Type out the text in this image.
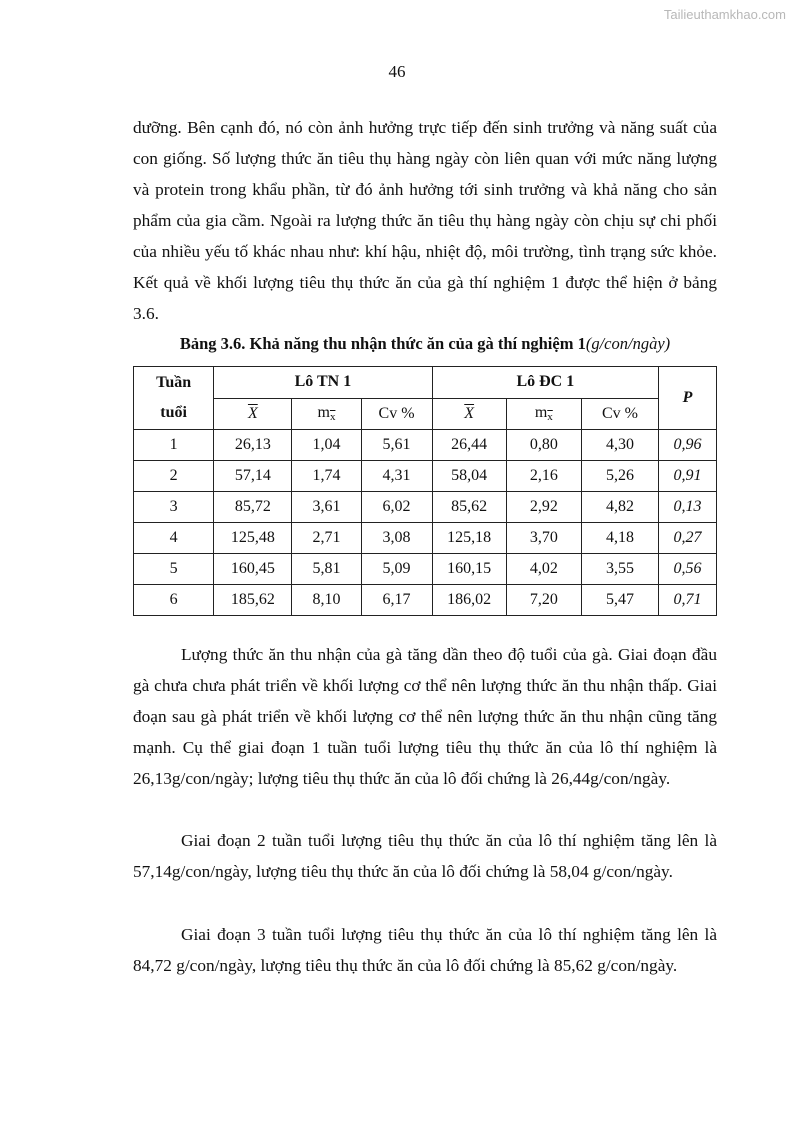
Tailieuthamkhao.com
46

dưỡng. Bên cạnh đó, nó còn ảnh hưởng trực tiếp đến sinh trưởng và năng suất của con giống. Số lượng thức ăn tiêu thụ hàng ngày còn liên quan với mức năng lượng và protein trong khẩu phần, từ đó ảnh hưởng tới sinh trưởng và khả năng cho sản phẩm của gia cầm. Ngoài ra lượng thức ăn tiêu thụ hàng ngày còn chịu sự chi phối của nhiều yếu tố khác nhau như: khí hậu, nhiệt độ, môi trường, tình trạng sức khỏe. Kết quả về khối lượng tiêu thụ thức ăn của gà thí nghiệm 1 được thể hiện ở bảng 3.6.

Bảng 3.6. Khả năng thu nhận thức ăn của gà thí nghiệm 1(g/con/ngày)
Tuần
tuổi	Lô TN 1			Lô ĐC 1			P
	$\overline{X}$	$m\overline{x}$	Cv %	$\overline{X}$	$m\overline{x}$	Cv %	
1	26,13	1,04	5,61	26,44	0,80	4,30	0,96
2	57,14	1,74	4,31	58,04	2,16	5,26	0,91
3	85,72	3,61	6,02	85,62	2,92	4,82	0,13
4	125,48	2,71	3,08	125,18	3,70	4,18	0,27
5	160,45	5,81	5,09	160,15	4,02	3,55	0,56
6	185,62	8,10	6,17	186,02	7,20	5,47	0,71

Lượng thức ăn thu nhận của gà tăng dần theo độ tuổi của gà. Giai đoạn đầu gà chưa chưa phát triển về khối lượng cơ thể nên lượng thức ăn thu nhận thấp. Giai đoạn sau gà phát triển về khối lượng cơ thể nên lượng thức ăn thu nhận cũng tăng mạnh. Cụ thể giai đoạn 1 tuần tuổi lượng tiêu thụ thức ăn của lô thí nghiệm là 26,13g/con/ngày; lượng tiêu thụ thức ăn của lô đối chứng là 26,44g/con/ngày.

Giai đoạn 2 tuần tuổi lượng tiêu thụ thức ăn của lô thí nghiệm tăng lên là 57,14g/con/ngày, lượng tiêu thụ thức ăn của lô đối chứng là 58,04 g/con/ngày.

Giai đoạn 3 tuần tuổi lượng tiêu thụ thức ăn của lô thí nghiệm tăng lên là 84,72 g/con/ngày, lượng tiêu thụ thức ăn của lô đối chứng là 85,62 g/con/ngày.
